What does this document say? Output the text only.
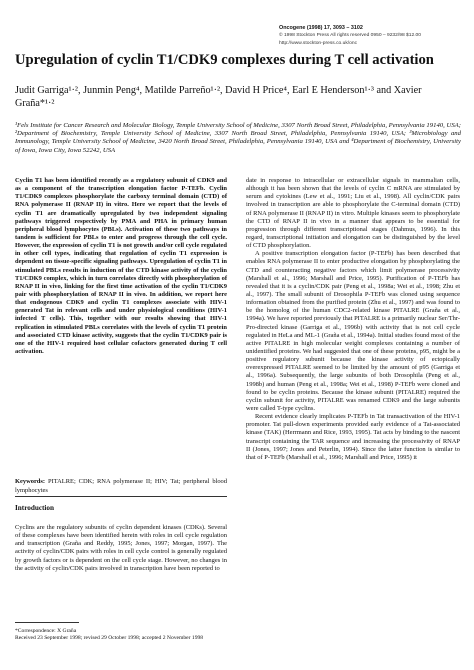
Oncogene (1998) 17, 3093 – 3102
© 1998 Stockton Press All rights reserved 0950 – 9232/98 $12.00
http://www.stockton-press.co.uk/onc
Upregulation of cyclin T1/CDK9 complexes during T cell activation
Judit Garriga¹·², Junmin Peng⁴, Matilde Parreño¹·², David H Price⁴, Earl E Henderson¹·³ and Xavier Graña*¹·²
¹Fels Institute for Cancer Research and Molecular Biology, Temple University School of Medicine, 3307 North Broad Street, Philadelphia, Pennsylvania 19140, USA; ²Department of Biochemistry, Temple University School of Medicine, 3307 North Broad Street, Philadelphia, Pennsylvania 19140, USA; ³Microbiology and Immunology, Temple University School of Medicine, 3420 North Broad Street, Philadelphia, Pennsylvania 19140, USA and ⁴Department of Biochemistry, University of Iowa, Iowa City, Iowa 52242, USA

Cyclin T1 has been identified recently as a regulatory subunit of CDK9 and as a component of the transcription elongation factor P-TEFb. Cyclin T1/CDK9 complexes phosphorylate the carboxy terminal domain (CTD) of RNA polymerase II (RNAP II) in vitro. Here we report that the levels of cyclin T1 are dramatically upregulated by two independent signaling pathways triggered respectively by PMA and PHA in primary human peripheral blood lymphocytes (PBLs). Activation of these two pathways in tandem is sufficient for PBLs to enter and progress through the cell cycle. However, the expression of cyclin T1 is not growth and/or cell cycle regulated in other cell types, indicating that regulation of cyclin T1 expression is dependent on tissue-specific signaling pathways. Upregulation of cyclin T1 in stimulated PBLs results in induction of the CTD kinase activity of the cyclin T1/CDK9 complex, which in turn correlates directly with phosphorylation of RNAP II in vivo, linking for the first time activation of the cyclin T1/CDK9 pair with phosphorylation of RNAP II in vivo. In addition, we report here that endogenous CDK9 and cyclin T1 complexes associate with HIV-1 generated Tat in relevant cells and under physiological conditions (HIV-1 infected T cells). This, together with our results showing that HIV-1 replication in stimulated PBLs correlates with the levels of cyclin T1 protein and associated CTD kinase activity, suggests that the cyclin T1/CDK9 pair is one of the HIV-1 required host cellular cofactors generated during T cell activation.

Keywords: PITALRE; CDK; RNA polymerase II; HIV; Tat; peripheral blood lymphocytes
Introduction

Cyclins are the regulatory subunits of cyclin dependent kinases (CDKs). Several of these complexes have been identified herein with roles in cell cycle regulation and transcription (Graña and Reddy, 1995; Jones, 1997; Morgan, 1997). The activity of cyclin/CDK pairs with roles in cell cycle control is generally regulated by growth factors or is dependent on the cell cycle stage. However, no changes in the activity of cyclin/CDK pairs involved in transcription have been reported to

*Correspondence: X Graña
Received 23 September 1998; revised 29 October 1998; accepted 2 November 1998

date in response to intracellular or extracellular signals in mammalian cells, although it has been shown that the levels of cyclin C mRNA are stimulated by serum and cytokines (Lew et al., 1991; Liu et al., 1998). All cyclin/CDK pairs involved in transcription are able to phosphorylate the C-terminal domain (CTD) of RNA polymerase II (RNAP II) in vitro. Multiple kinases seem to phosphorylate the CTD of RNAP II in vivo in a manner that appears to be essential for progression through different transcriptional stages (Dahmus, 1996). In this regard, transcriptional initiation and elongation can be distinguished by the level of CTD phosphorylation.

A positive transcription elongation factor (P-TEFb) has been described that enables RNA polymerase II to enter productive elongation by phosphorylating the CTD and counteracting negative factors which limit polymerase processivity (Marshall et al., 1996; Marshall and Price, 1995). Purification of P-TEFb has revealed that it is a cyclin/CDK pair (Peng et al., 1998a; Wei et al., 1998; Zhu et al., 1997). The small subunit of Drosophila P-TEFb was cloned using sequence information obtained from the purified protein (Zhu et al., 1997) and was found to be the homolog of the human CDC2-related kinase PITALRE (Graña et al., 1994a). We have reported previously that PITALRE is a primarily nuclear Ser/Thr-Pro-directed kinase (Garriga et al., 1996b) with activity that is not cell cycle regulated in HeLa and ML-1 (Graña et al., 1994a). Initial studies found most of the active PITALRE in high molecular weight complexes containing a number of unidentified proteins. We had suggested that one of these proteins, p95, might be a positive regulatory subunit because the kinase activity of ectopically overexpressed PITALRE seemed to be limited by the amount of p95 (Garriga et al., 1996a). Subsequently, the large subunits of both Drosophila (Peng et al., 1998b) and human (Peng et al., 1998a; Wei et al., 1998) P-TEFb were cloned and found to be cyclin proteins. Because the kinase subunit (PITALRE) required the cyclin subunit for activity, PITALRE was renamed CDK9 and the large subunits were called T-type cyclins.

Recent evidence clearly implicates P-TEFb in Tat transactivation of the HIV-1 promoter. Tat pull-down experiments provided early evidence of a Tat-associated kinase (TAK) (Herrmann and Rice, 1993, 1995). Tat acts by binding to the nascent transcript containing the TAR sequence and increasing the processivity of RNAP II (Jones, 1997; Jones and Peterlin, 1994). Since the latter function is similar to that of P-TEFb (Marshall et al., 1996; Marshall and Price, 1995) it
